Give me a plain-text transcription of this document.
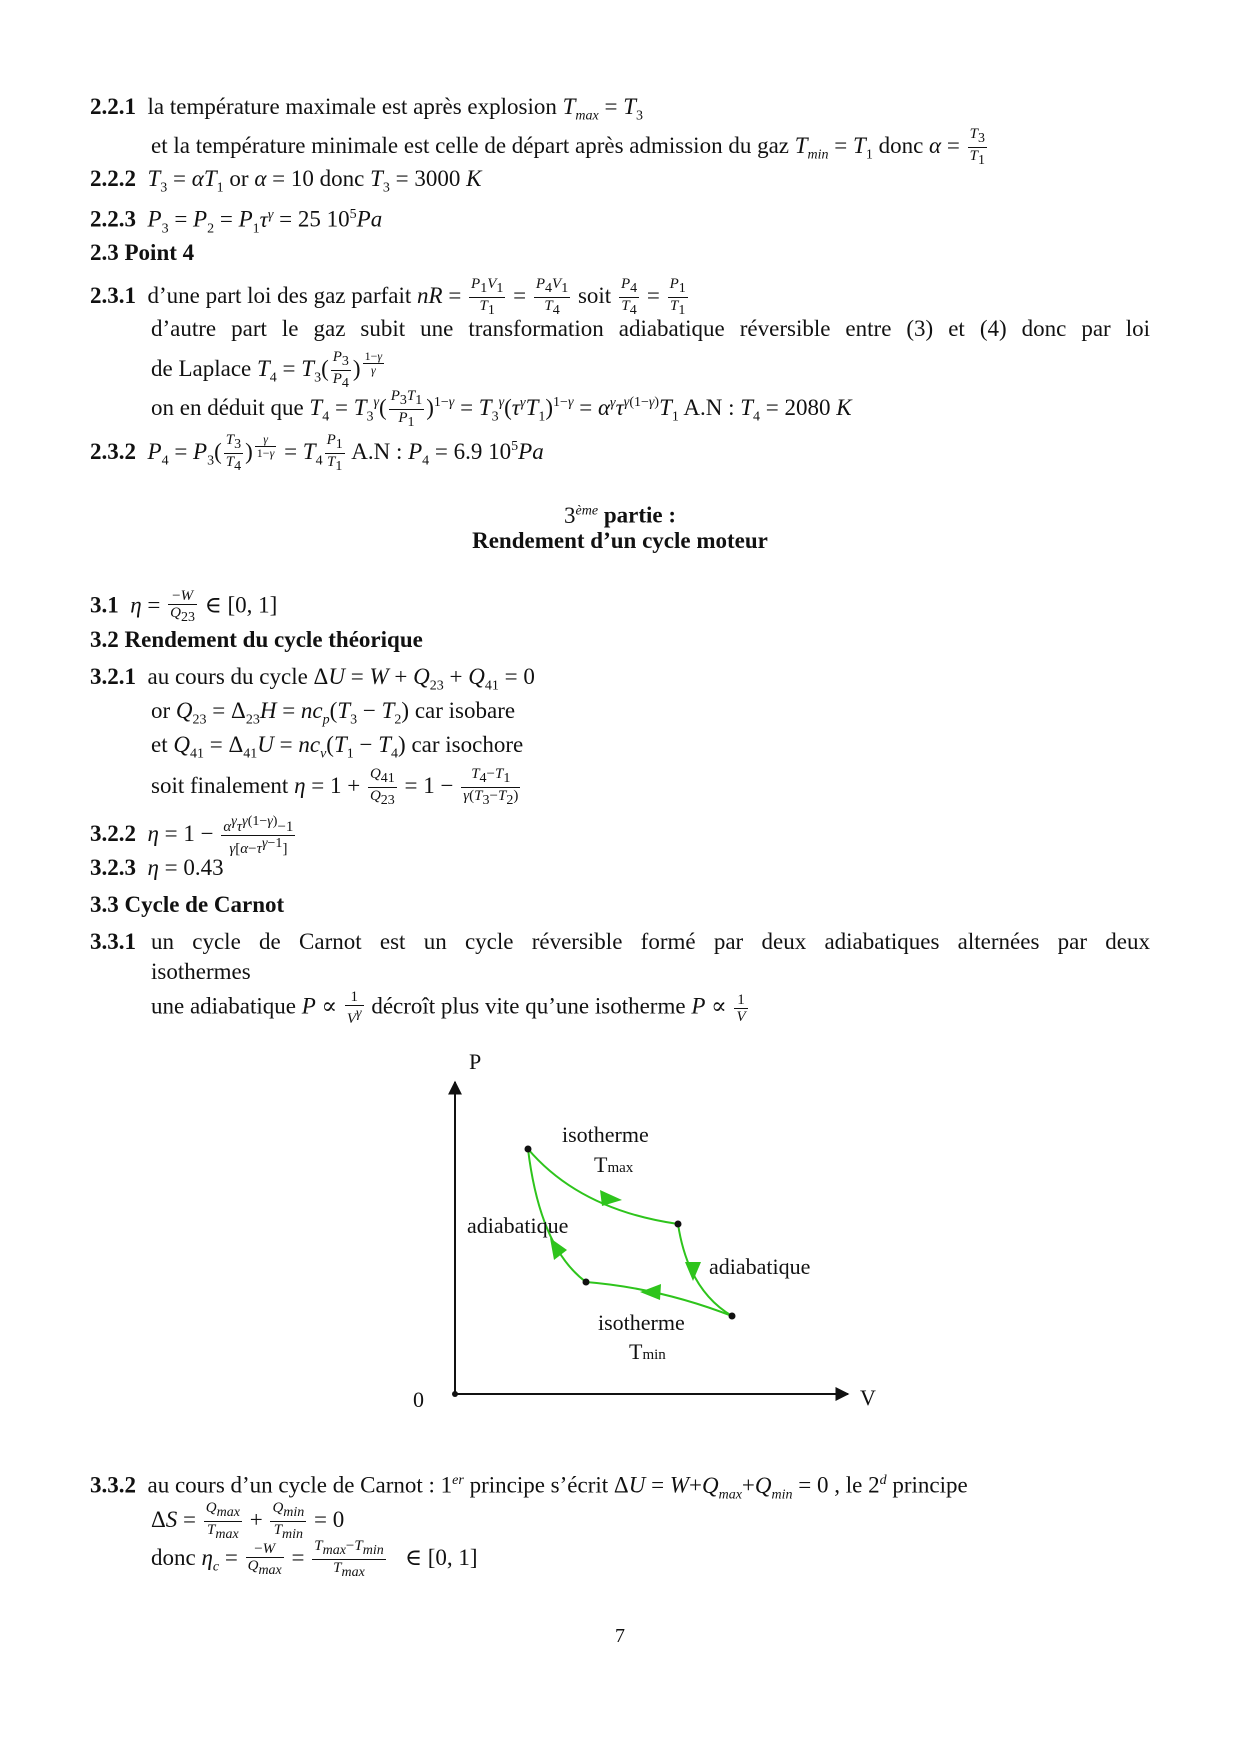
2.2.1 la température maximale est après explosion $T_{max} = T_3$
et la température minimale est celle de départ après admission du gaz $T_{min} = T_1$ donc $\alpha = \frac{T_3}{T_1}$
2.2.2 $T_3 = \alpha T_1$ or α = 10 donc $T_3 = 3000$ K
2.2.3 $P_3 = P_2 = P_1\tau^\gamma = 25$ $10^5Pa$
2.3 Point 4
2.3.1 d’une part loi des gaz parfait nR = $\frac{P_1V_1}{T_1} = \frac{P_4V_1}{T_4}$ soit $\frac{P_4}{T_4} = \frac{P_1}{T_1}$
d’autre part le gaz subit une transformation adiabatique réversible entre (3) et (4) donc par loi
de Laplace $T_4 = T_3( \frac{P_3}{P_4}$ ) $^{\frac{1-\gamma}{\gamma}}$
on en déduit que $T_4 = T_3^\gamma( \frac{P_3T_1}{P_1} )^{1-\gamma} = T_3^\gamma(\tau^\gamma T_1)^{1-\gamma} = \alpha^\gamma\tau^{\gamma(1-\gamma)}T_1$ A.N : $T_4 = 2080$ K
2.3.2 $P_4 = P_3( \frac{T_3}{T_4}$ ) $^{\frac{\gamma}{1-\gamma}} = T_4 \frac{P_1}{T_1} A.N$ : $P_4 = 6.9$ $10^5Pa$
3ème partie :
Rendement d’un cycle moteur
3.1 $\eta = \frac{-W}{Q_{23}}$ ∈ [0, 1]
3.2 Rendement du cycle théorique
3.2.1 au cours du cycle $\Delta U = W + Q_{23} + Q_{41} = 0$
or $Q_{23} = \Delta_{23}H = nc_p(T_3 - T_2)$ car isobare
et $Q_{41} = \Delta_{41}U = nc_v(T_1 - T_4)$ car isochore
soit finalement $\eta = 1 + \frac{Q_{41}}{Q_{23}} = 1 - \frac{T_4-T_1}{\gamma(T_3-T_2)}$
3.2.2 $\eta = 1 - \alpha^\gamma\tau^{\gamma(1-\gamma)}-1$
$\gamma[\alpha-\tau^{\gamma-1}]$
3.2.3 η = 0.43
3.3 Cycle de Carnot
3.3.1 un cycle de Carnot est un cycle réversible formé par deux adiabatiques alternées par deux
isothermes
une adiabatique $P \propto \frac{1}{V^\gamma}$ décroît plus vite qu’une isotherme $P \propto \frac{1}{V}$
P
V
0
isotherme
Tmax
adiabatique
adiabatique
isotherme
Tmin
3.3.2 au cours d’un cycle de Carnot : 1er principe s’écrit $\Delta U = W+Q_{max}+Q_{min} = 0$ , le 2$^d$ principe
$\Delta S = Q_{max}$
$T_{max}$
+ $Q_{min}$
$T_{min}$
= 0
donc $\eta_c = -W$
$Q_{max}$
= $T_{max}-T_{min}$
$T_{max}$
∈ [0, 1]
7
